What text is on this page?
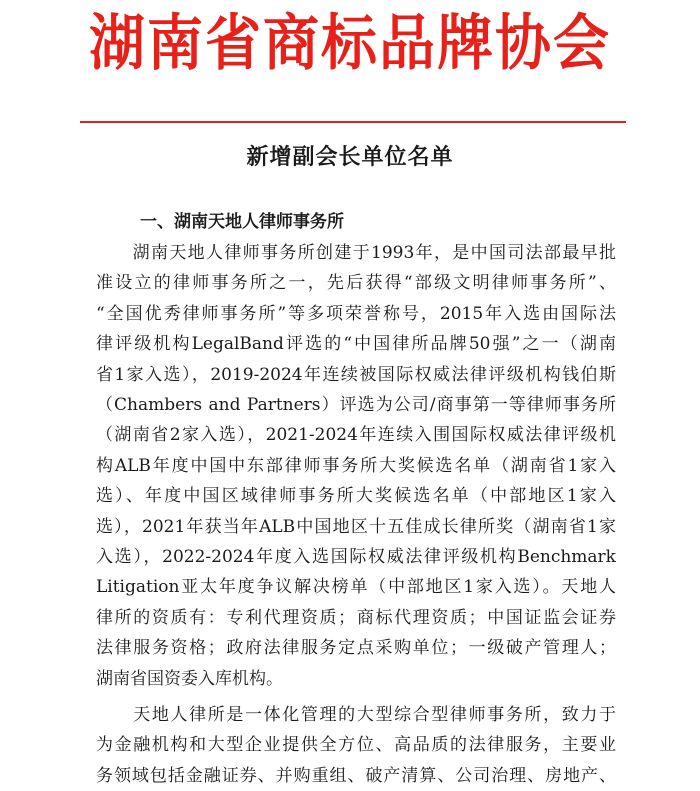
湖南省商标品牌协会
新增副会长单位名单
一、湖南天地人律师事务所
　　湖南天地人律师事务所创建于1993年，是中国司法部最早批
准设立的律师事务所之一，先后获得“部级文明律师事务所”、
“全国优秀律师事务所”等多项荣誉称号，2015年入选由国际法
律评级机构LegalBand评选的“中国律所品牌50强”之一（湖南
省1家入选），2019-2024年连续被国际权威法律评级机构钱伯斯
（Chambers and Partners）评选为公司/商事第一等律师事务所
（湖南省2家入选），2021-2024年连续入围国际权威法律评级机
构ALB年度中国中东部律师事务所大奖候选名单（湖南省1家入
选）、年度中国区域律师事务所大奖候选名单（中部地区1家入
选），2021年获当年ALB中国地区十五佳成长律所奖（湖南省1家
入选），2022-2024年度入选国际权威法律评级机构Benchmark
Litigation亚太年度争议解决榜单（中部地区1家入选）。天地人
律所的资质有：专利代理资质；商标代理资质；中国证监会证券
法律服务资格；政府法律服务定点采购单位；一级破产管理人；
湖南省国资委入库机构。
　　天地人律所是一体化管理的大型综合型律师事务所，致力于
为金融机构和大型企业提供全方位、高品质的法律服务，主要业
务领域包括金融证券、并购重组、破产清算、公司治理、房地产、
